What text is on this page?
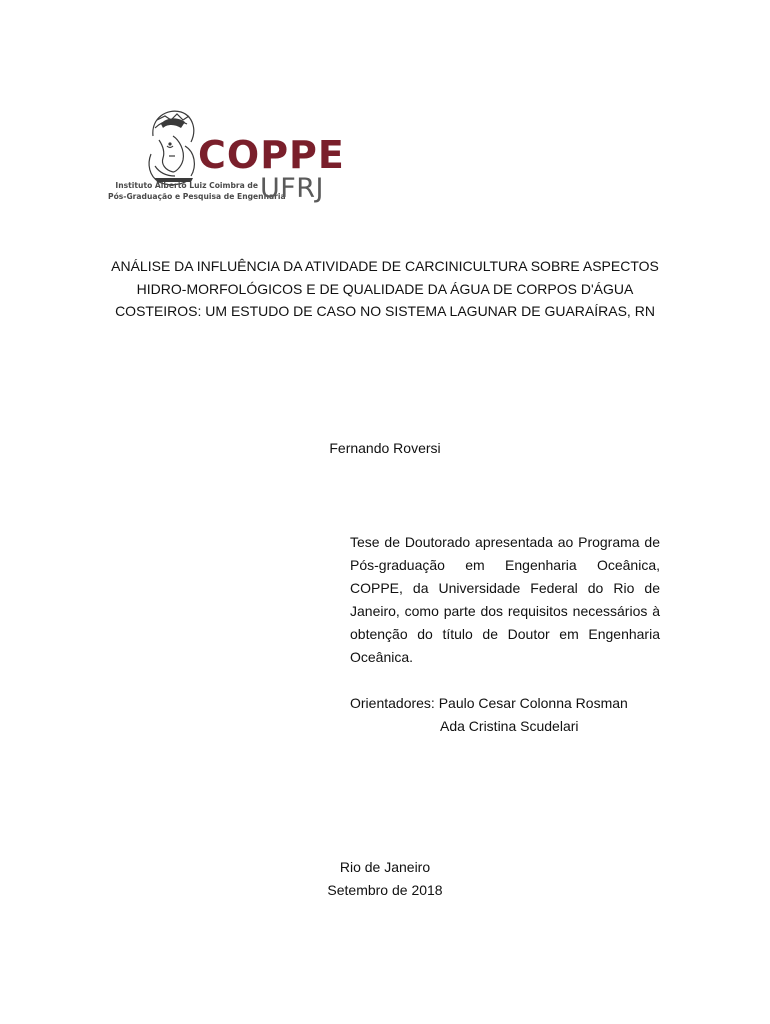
COPPE
Instituto Alberto Luiz Coimbra de
Pós-Graduação e Pesquisa de Engenharia
UFRJ
ANÁLISE DA INFLUÊNCIA DA ATIVIDADE DE CARCINICULTURA SOBRE ASPECTOS HIDRO-MORFOLÓGICOS E DE QUALIDADE DA ÁGUA DE CORPOS D'ÁGUA COSTEIROS: UM ESTUDO DE CASO NO SISTEMA LAGUNAR DE GUARAÍRAS, RN
Fernando Roversi
Tese de Doutorado apresentada ao Programa de Pós-graduação em Engenharia Oceânica, COPPE, da Universidade Federal do Rio de Janeiro, como parte dos requisitos necessários à obtenção do título de Doutor em Engenharia Oceânica.
Orientadores: Paulo Cesar Colonna Rosman
Ada Cristina Scudelari
Rio de Janeiro
Setembro de 2018
